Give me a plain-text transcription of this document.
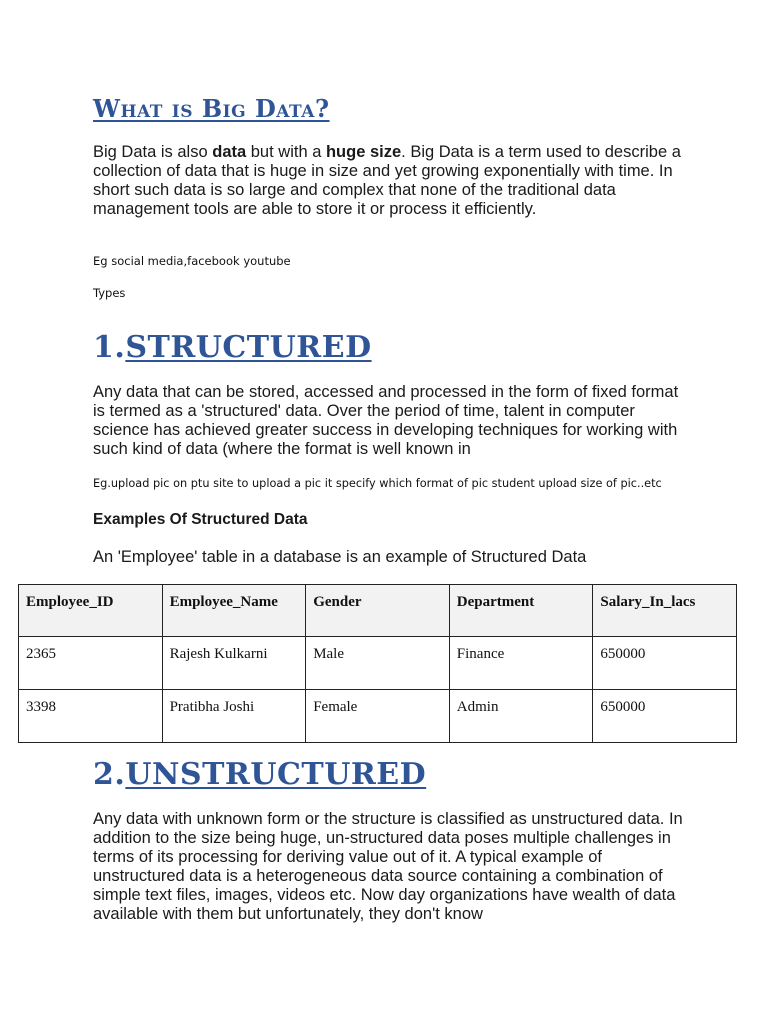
What is Big Data?

Big Data is also data but with a huge size. Big Data is a term used to describe a collection of data that is huge in size and yet growing exponentially with time. In short such data is so large and complex that none of the traditional data management tools are able to store it or process it efficiently.

Eg social media,facebook youtube

Types

1.STRUCTURED

Any data that can be stored, accessed and processed in the form of fixed format is termed as a 'structured' data. Over the period of time, talent in computer science has achieved greater success in developing techniques for working with such kind of data (where the format is well known in

Eg.upload pic on ptu site to upload a pic it specify which format of pic student upload size of pic..etc

Examples Of Structured Data

An 'Employee' table in a database is an example of Structured Data

Employee_ID	Employee_Name	Gender	Department	Salary_In_lacs
2365	Rajesh Kulkarni	Male	Finance	650000
3398	Pratibha Joshi	Female	Admin	650000
2.UNSTRUCTURED

Any data with unknown form or the structure is classified as unstructured data. In addition to the size being huge, un-structured data poses multiple challenges in terms of its processing for deriving value out of it. A typical example of unstructured data is a heterogeneous data source containing a combination of simple text files, images, videos etc. Now day organizations have wealth of data available with them but unfortunately, they don't know
